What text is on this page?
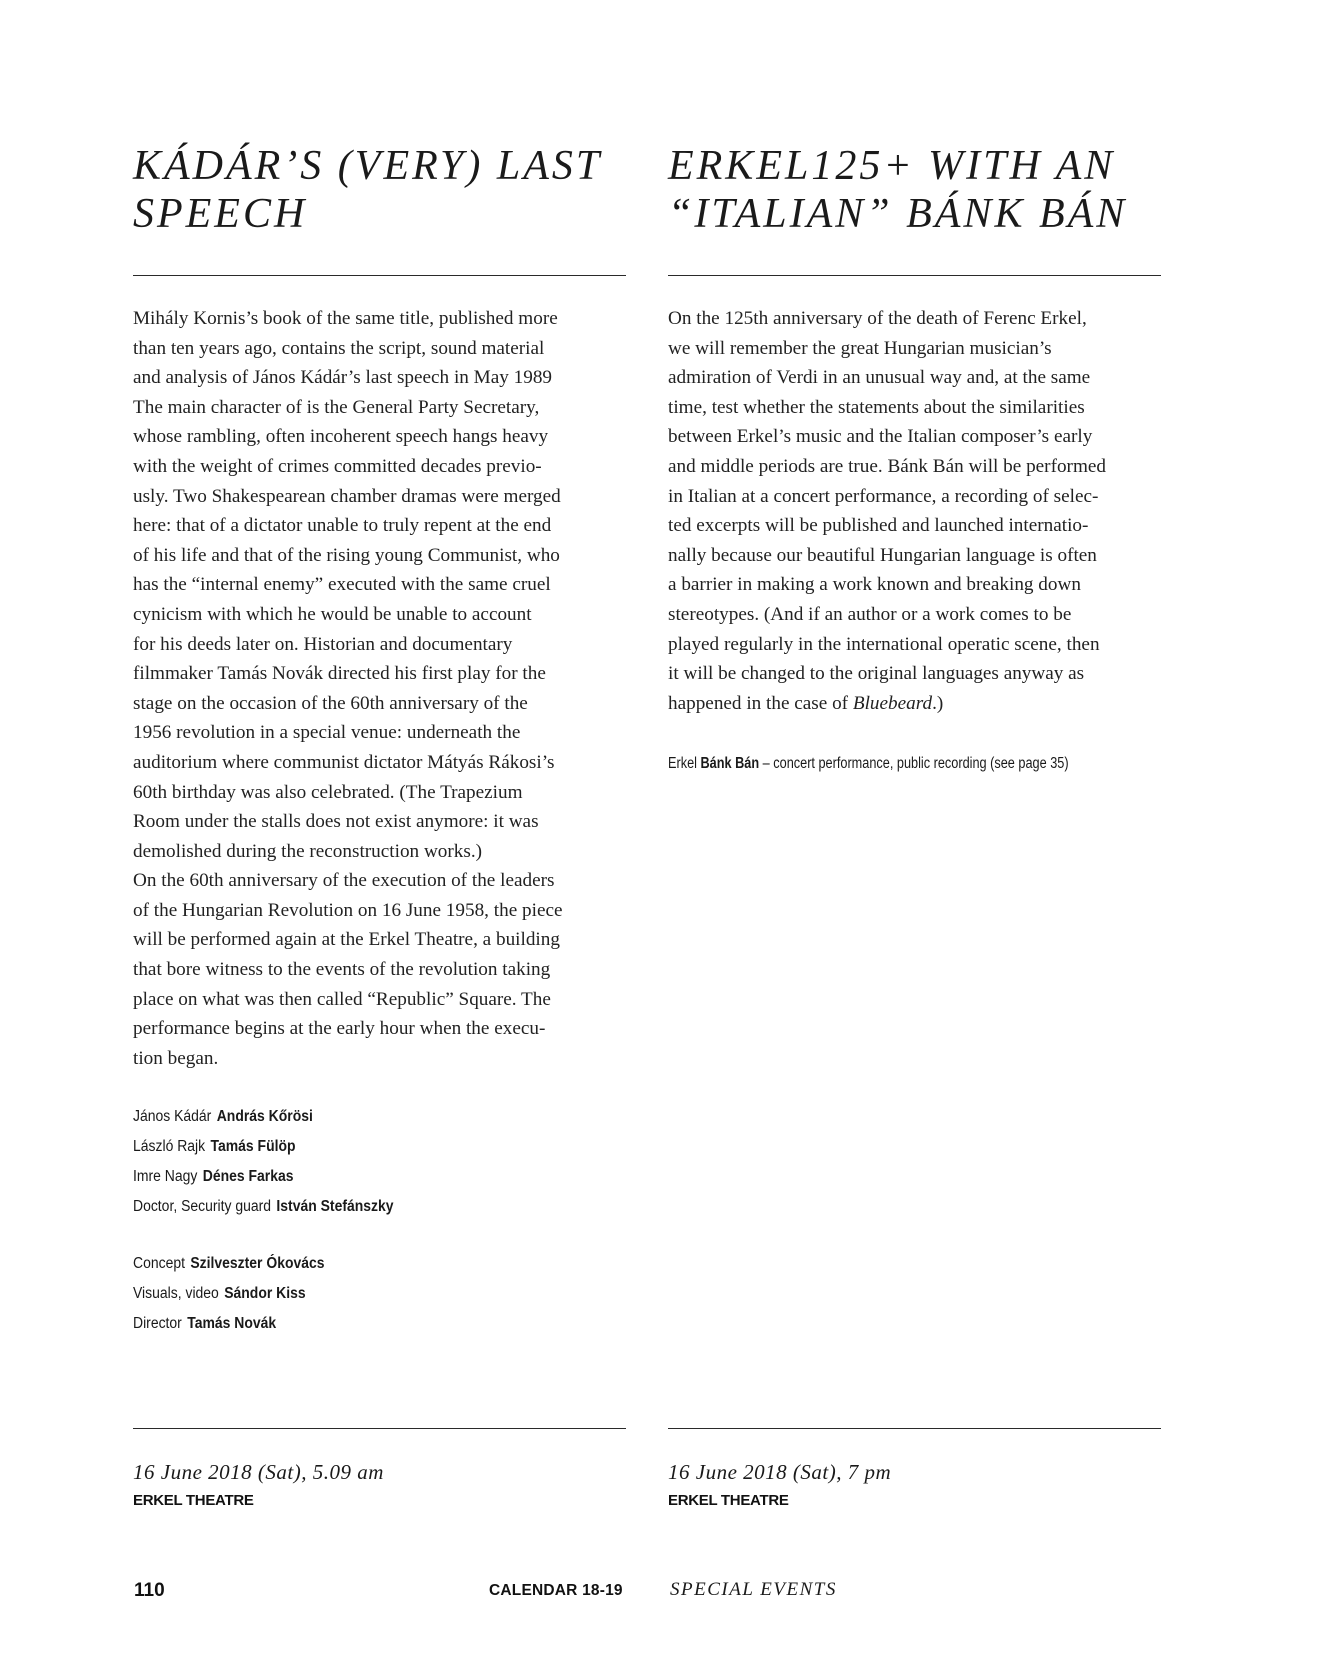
KÁDÁR’S (VERY) LAST
SPEECH
Mihály Kornis’s book of the same title, published more
than ten years ago, contains the script, sound material
and analysis of János Kádár’s last speech in May 1989
The main character of is the General Party Secretary,
whose rambling, often incoherent speech hangs heavy
with the weight of crimes committed decades previo-
usly. Two Shakespearean chamber dramas were merged
here: that of a dictator unable to truly repent at the end
of his life and that of the rising young Communist, who
has the “internal enemy” executed with the same cruel
cynicism with which he would be unable to account
for his deeds later on. Historian and documentary
filmmaker Tamás Novák directed his first play for the
stage on the occasion of the 60th anniversary of the
1956 revolution in a special venue: underneath the
auditorium where communist dictator Mátyás Rákosi’s
60th birthday was also celebrated. (The Trapezium
Room under the stalls does not exist anymore: it was
demolished during the reconstruction works.)
On the 60th anniversary of the execution of the leaders
of the Hungarian Revolution on 16 June 1958, the piece
will be performed again at the Erkel Theatre, a building
that bore witness to the events of the revolution taking
place on what was then called “Republic” Square. The
performance begins at the early hour when the execu-
tion began.
János Kádár András Kőrösi
László Rajk Tamás Fülöp
Imre Nagy Dénes Farkas
Doctor, Security guard István Stefánszky
Concept Szilveszter Ókovács
Visuals, video Sándor Kiss
Director Tamás Novák

16 June 2018 (Sat), 5.09 am

ERKEL THEATRE

ERKEL125+ WITH AN
“ITALIAN” BÁNK BÁN
On the 125th anniversary of the death of Ferenc Erkel,
we will remember the great Hungarian musician’s
admiration of Verdi in an unusual way and, at the same
time, test whether the statements about the similarities
between Erkel’s music and the Italian composer’s early
and middle periods are true. Bánk Bán will be performed
in Italian at a concert performance, a recording of selec-
ted excerpts will be published and launched internatio-
nally because our beautiful Hungarian language is often
a barrier in making a work known and breaking down
stereotypes. (And if an author or a work comes to be
played regularly in the international operatic scene, then
it will be changed to the original languages anyway as
happened in the case of Bluebeard.)

Erkel Bánk Bán – concert performance, public recording (see page 35)

16 June 2018 (Sat), 7 pm

ERKEL THEATRE

110	CALENDAR 18-19 SPECIAL EVENTS
